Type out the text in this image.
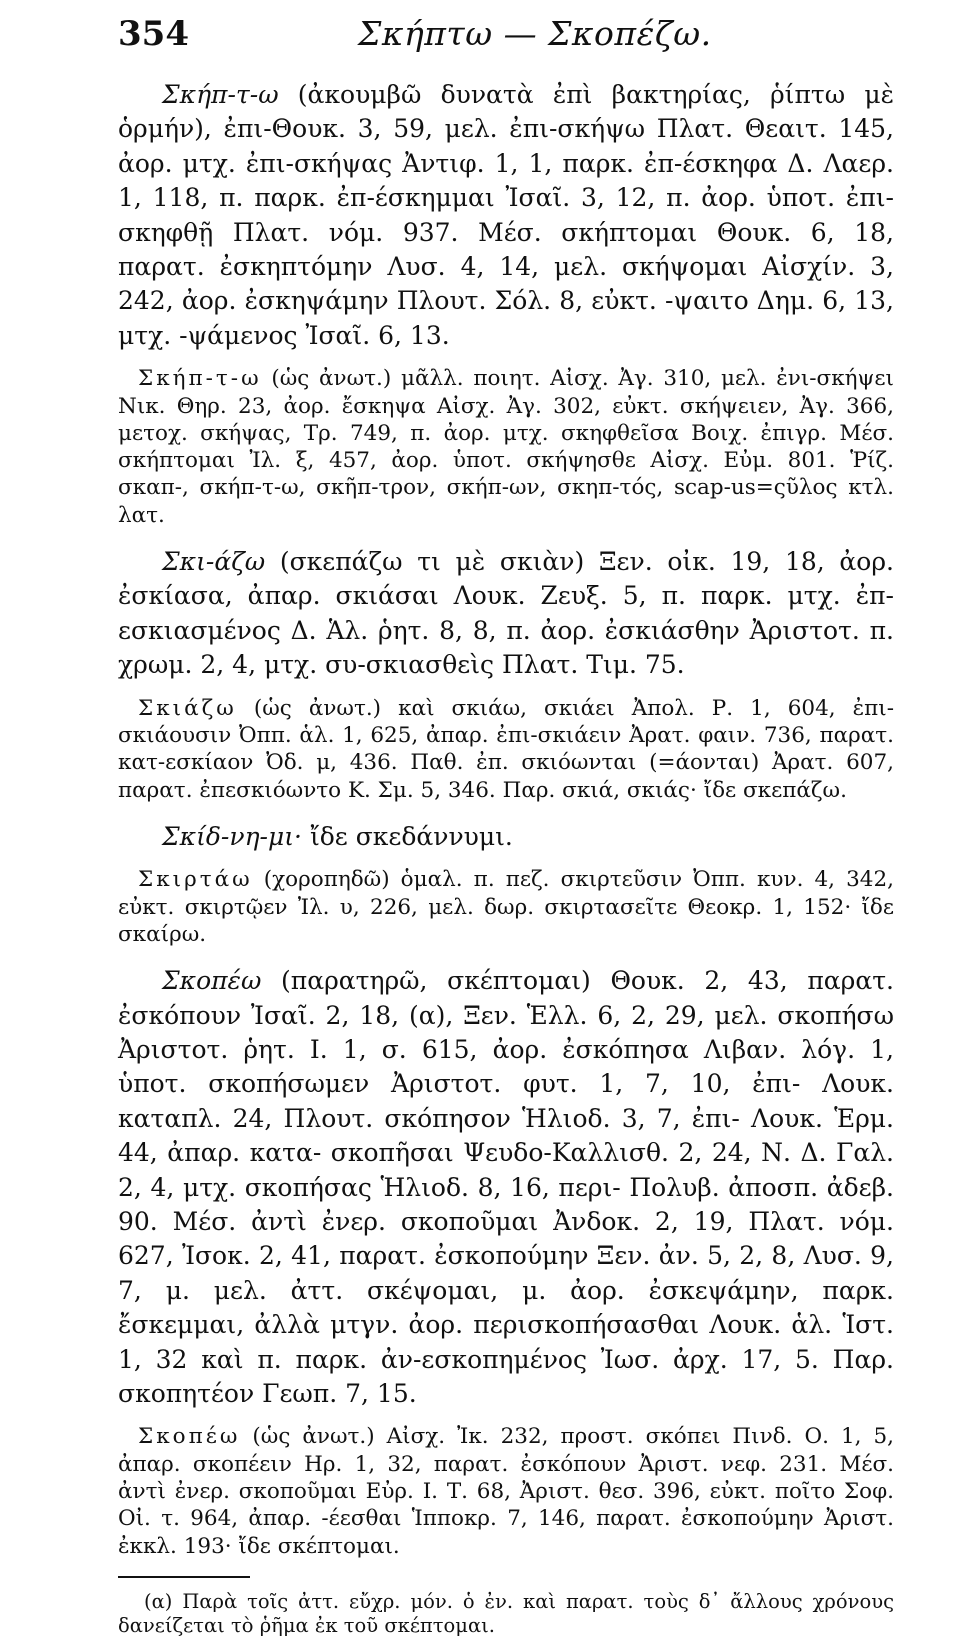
354	Σκήπτω — Σκοπέζω.

Σκήπ-τ-ω (ἀκουμβῶ δυνατὰ ἐπὶ βακτηρίας, ῥίπτω μὲ ὁρμήν), ἐπι-Θουκ. 3, 59, μελ. ἐπι-σκήψω Πλατ. Θεαιτ. 145, ἀορ. μτχ. ἐπι-σκήψας Ἀντιφ. 1, 1, παρκ. ἐπ-έσκηφα Δ. Λαερ. 1, 118, π. παρκ. ἐπ-έσκημμαι Ἰσαῖ. 3, 12, π. ἀορ. ὑποτ. ἐπι-σκηφθῇ Πλατ. νόμ. 937. Μέσ. σκήπτομαι Θουκ. 6, 18, παρατ. ἐσκηπτόμην Λυσ. 4, 14, μελ. σκήψομαι Αἰσχίν. 3, 242, ἀορ. ἐσκηψάμην Πλουτ. Σόλ. 8, εὐκτ. -ψαιτο Δημ. 6, 13, μτχ. -ψάμενος Ἰσαῖ. 6, 13.

Σκήπ-τ-ω (ὡς ἀνωτ.) μᾶλλ. ποιητ. Αἰσχ. Ἀγ. 310, μελ. ἐνι-σκήψει Νικ. Θηρ. 23, ἀορ. ἔσκηψα Αἰσχ. Ἀγ. 302, εὐκτ. σκήψειεν, Ἀγ. 366, μετοχ. σκήψας, Τρ. 749, π. ἀορ. μτχ. σκηφθεῖσα Βοιχ. ἐπιγρ. Μέσ. σκήπτομαι Ἰλ. ξ, 457, ἀορ. ὑποτ. σκήψησθε Αἰσχ. Εὐμ. 801. Ῥίζ. σκαπ-, σκήπ-τ-ω, σκῆπ-τρον, σκήπ-ων, σκηπ-τός, scap-us=ςῦλος κτλ. λατ.

Σκι-άζω (σκεπάζω τι μὲ σκιὰν) Ξεν. οἰκ. 19, 18, ἀορ. ἐσκίασα, ἀπαρ. σκιάσαι Λουκ. Ζευξ. 5, π. παρκ. μτχ. ἐπ-εσκιασμένος Δ. Ἁλ. ῥητ. 8, 8, π. ἀορ. ἐσκιάσθην Ἀριστοτ. π. χρωμ. 2, 4, μτχ. συ-σκιασθεὶς Πλατ. Τιμ. 75.

Σκιάζω (ὡς ἀνωτ.) καὶ σκιάω, σκιάει Ἀπολ. Ρ. 1, 604, ἐπι-σκιάουσιν Ὀππ. ἁλ. 1, 625, ἀπαρ. ἐπι-σκιάειν Ἀρατ. φαιν. 736, παρατ. κατ-εσκίαον Ὀδ. μ, 436. Παθ. ἐπ. σκιόωνται (=άονται) Ἀρατ. 607, παρατ. ἐπεσκιόωντο Κ. Σμ. 5, 346. Παρ. σκιά, σκιάς· ἴδε σκεπάζω.

Σκίδ-νη-μι· ἴδε σκεδάννυμι.

Σκιρτάω (χοροπηδῶ) ὁμαλ. π. πεζ. σκιρτεῦσιν Ὀππ. κυν. 4, 342, εὐκτ. σκιρτῷεν Ἰλ. υ, 226, μελ. δωρ. σκιρτασεῖτε Θεοκρ. 1, 152· ἴδε σκαίρω.

Σκοπέω (παρατηρῶ, σκέπτομαι) Θουκ. 2, 43, παρατ. ἐσκόπουν Ἰσαῖ. 2, 18, (α), Ξεν. Ἑλλ. 6, 2, 29, μελ. σκοπήσω Ἀριστοτ. ῥητ. Ι. 1, σ. 615, ἀορ. ἐσκόπησα Λιβαν. λόγ. 1, ὑποτ. σκοπήσωμεν Ἀριστοτ. φυτ. 1, 7, 10, ἐπι- Λουκ. καταπλ. 24, Πλουτ. σκόπησον Ἡλιοδ. 3, 7, ἐπι- Λουκ. Ἑρμ. 44, ἀπαρ. κατα- σκοπῆσαι Ψευδο-Καλλισθ. 2, 24, Ν. Δ. Γαλ. 2, 4, μτχ. σκοπήσας Ἡλιοδ. 8, 16, περι- Πολυβ. ἀποσπ. ἀδεβ. 90. Μέσ. ἀντὶ ἐνερ. σκοποῦμαι Ἀνδοκ. 2, 19, Πλατ. νόμ. 627, Ἰσοκ. 2, 41, παρατ. ἐσκοπούμην Ξεν. ἀν. 5, 2, 8, Λυσ. 9, 7, μ. μελ. ἀττ. σκέψομαι, μ. ἀορ. ἐσκεψάμην, παρκ. ἔσκεμμαι, ἀλλὰ μτγν. ἀορ. περισκοπήσασθαι Λουκ. ἁλ. Ἱστ. 1, 32 καὶ π. παρκ. ἀν-εσκοπημένος Ἰωσ. ἀρχ. 17, 5. Παρ. σκοπητέον Γεωπ. 7, 15.

Σκοπέω (ὡς ἀνωτ.) Αἰσχ. Ἰκ. 232, προστ. σκόπει Πινδ. Ο. 1, 5, ἀπαρ. σκοπέειν Ηρ. 1, 32, παρατ. ἐσκόπουν Ἀριστ. νεφ. 231. Μέσ. ἀντὶ ἐνερ. σκοποῦμαι Εὐρ. Ι. Τ. 68, Ἀριστ. θεσ. 396, εὐκτ. ποῖτο Σοφ. Οἰ. τ. 964, ἀπαρ. -έεσθαι Ἱπποκρ. 7, 146, παρατ. ἐσκοπούμην Ἀριστ. ἐκκλ. 193· ἴδε σκέπτομαι.

(α) Παρὰ τοῖς ἀττ. εὔχρ. μόν. ὁ ἐν. καὶ παρατ. τοὺς δ᾽ ἄλλους χρόνους δανείζεται τὸ ῥῆμα ἐκ τοῦ σκέπτομαι.
